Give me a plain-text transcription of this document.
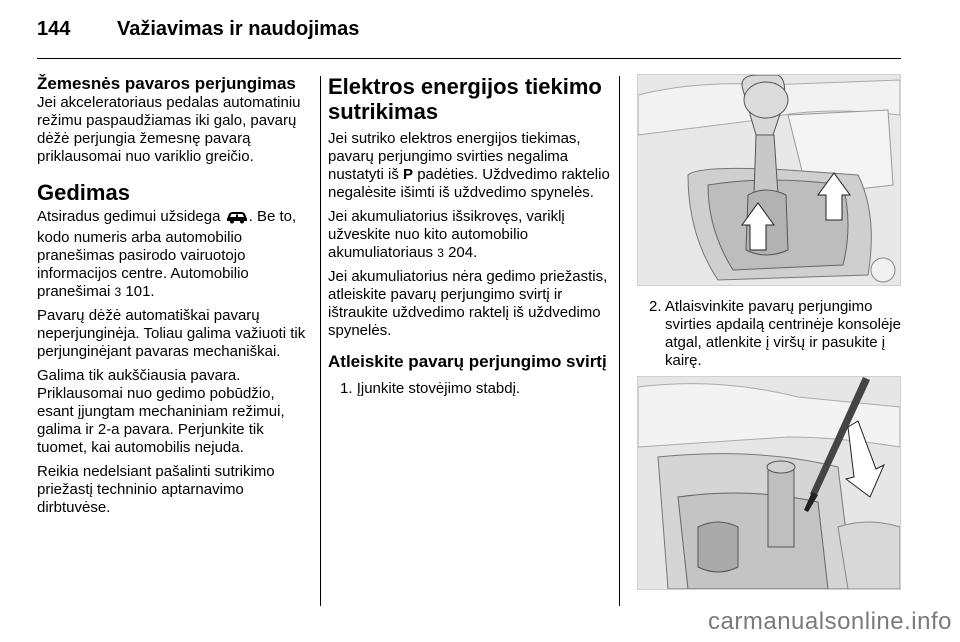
144 Važiavimas ir naudojimas
Žemesnės pavaros perjungimas

Jei akceleratoriaus pedalas automatiniu režimu paspaudžiamas iki galo, pavarų dėžė perjungia žemesnę pavarą priklausomai nuo variklio greičio.

Gedimas

Atsiradus gedimui užsidega . Be to, kodo numeris arba automobilio pranešimas pasirodo vairuotojo informacijos centre. Automobilio pranešimai 3 101.

Pavarų dėžė automatiškai pavarų neperjunginėja. Toliau galima važiuoti tik perjunginėjant pavaras mechaniškai.

Galima tik aukščiausia pavara. Priklausomai nuo gedimo pobūdžio, esant įjungtam mechaniniam režimui, galima ir 2-a pavara. Perjunkite tik tuomet, kai automobilis nejuda.

Reikia nedelsiant pašalinti sutrikimo priežastį techninio aptarnavimo dirbtuvėse.

Elektros energijos tiekimo sutrikimas

Jei sutriko elektros energijos tiekimas, pavarų perjungimo svirties negalima nustatyti iš P padėties. Uždvedimo raktelio negalėsite išimti iš uždvedimo spynelės.

Jei akumuliatorius išsikrovęs, variklį užveskite nuo kito automobilio akumuliatoriaus 3 204.

Jei akumuliatorius nėra gedimo priežastis, atleiskite pavarų perjungimo svirtį ir ištraukite uždvedimo raktelį iš uždvedimo spynelės.

Atleiskite pavarų perjungimo svirtį

1. Įjunkite stovėjimo stabdį.

2. Atlaisvinkite pavarų perjungimo svirties apdailą centrinėje konsolėje atgal, atlenkite į viršų ir pasukite į kairę.

carmanualsonline.info
